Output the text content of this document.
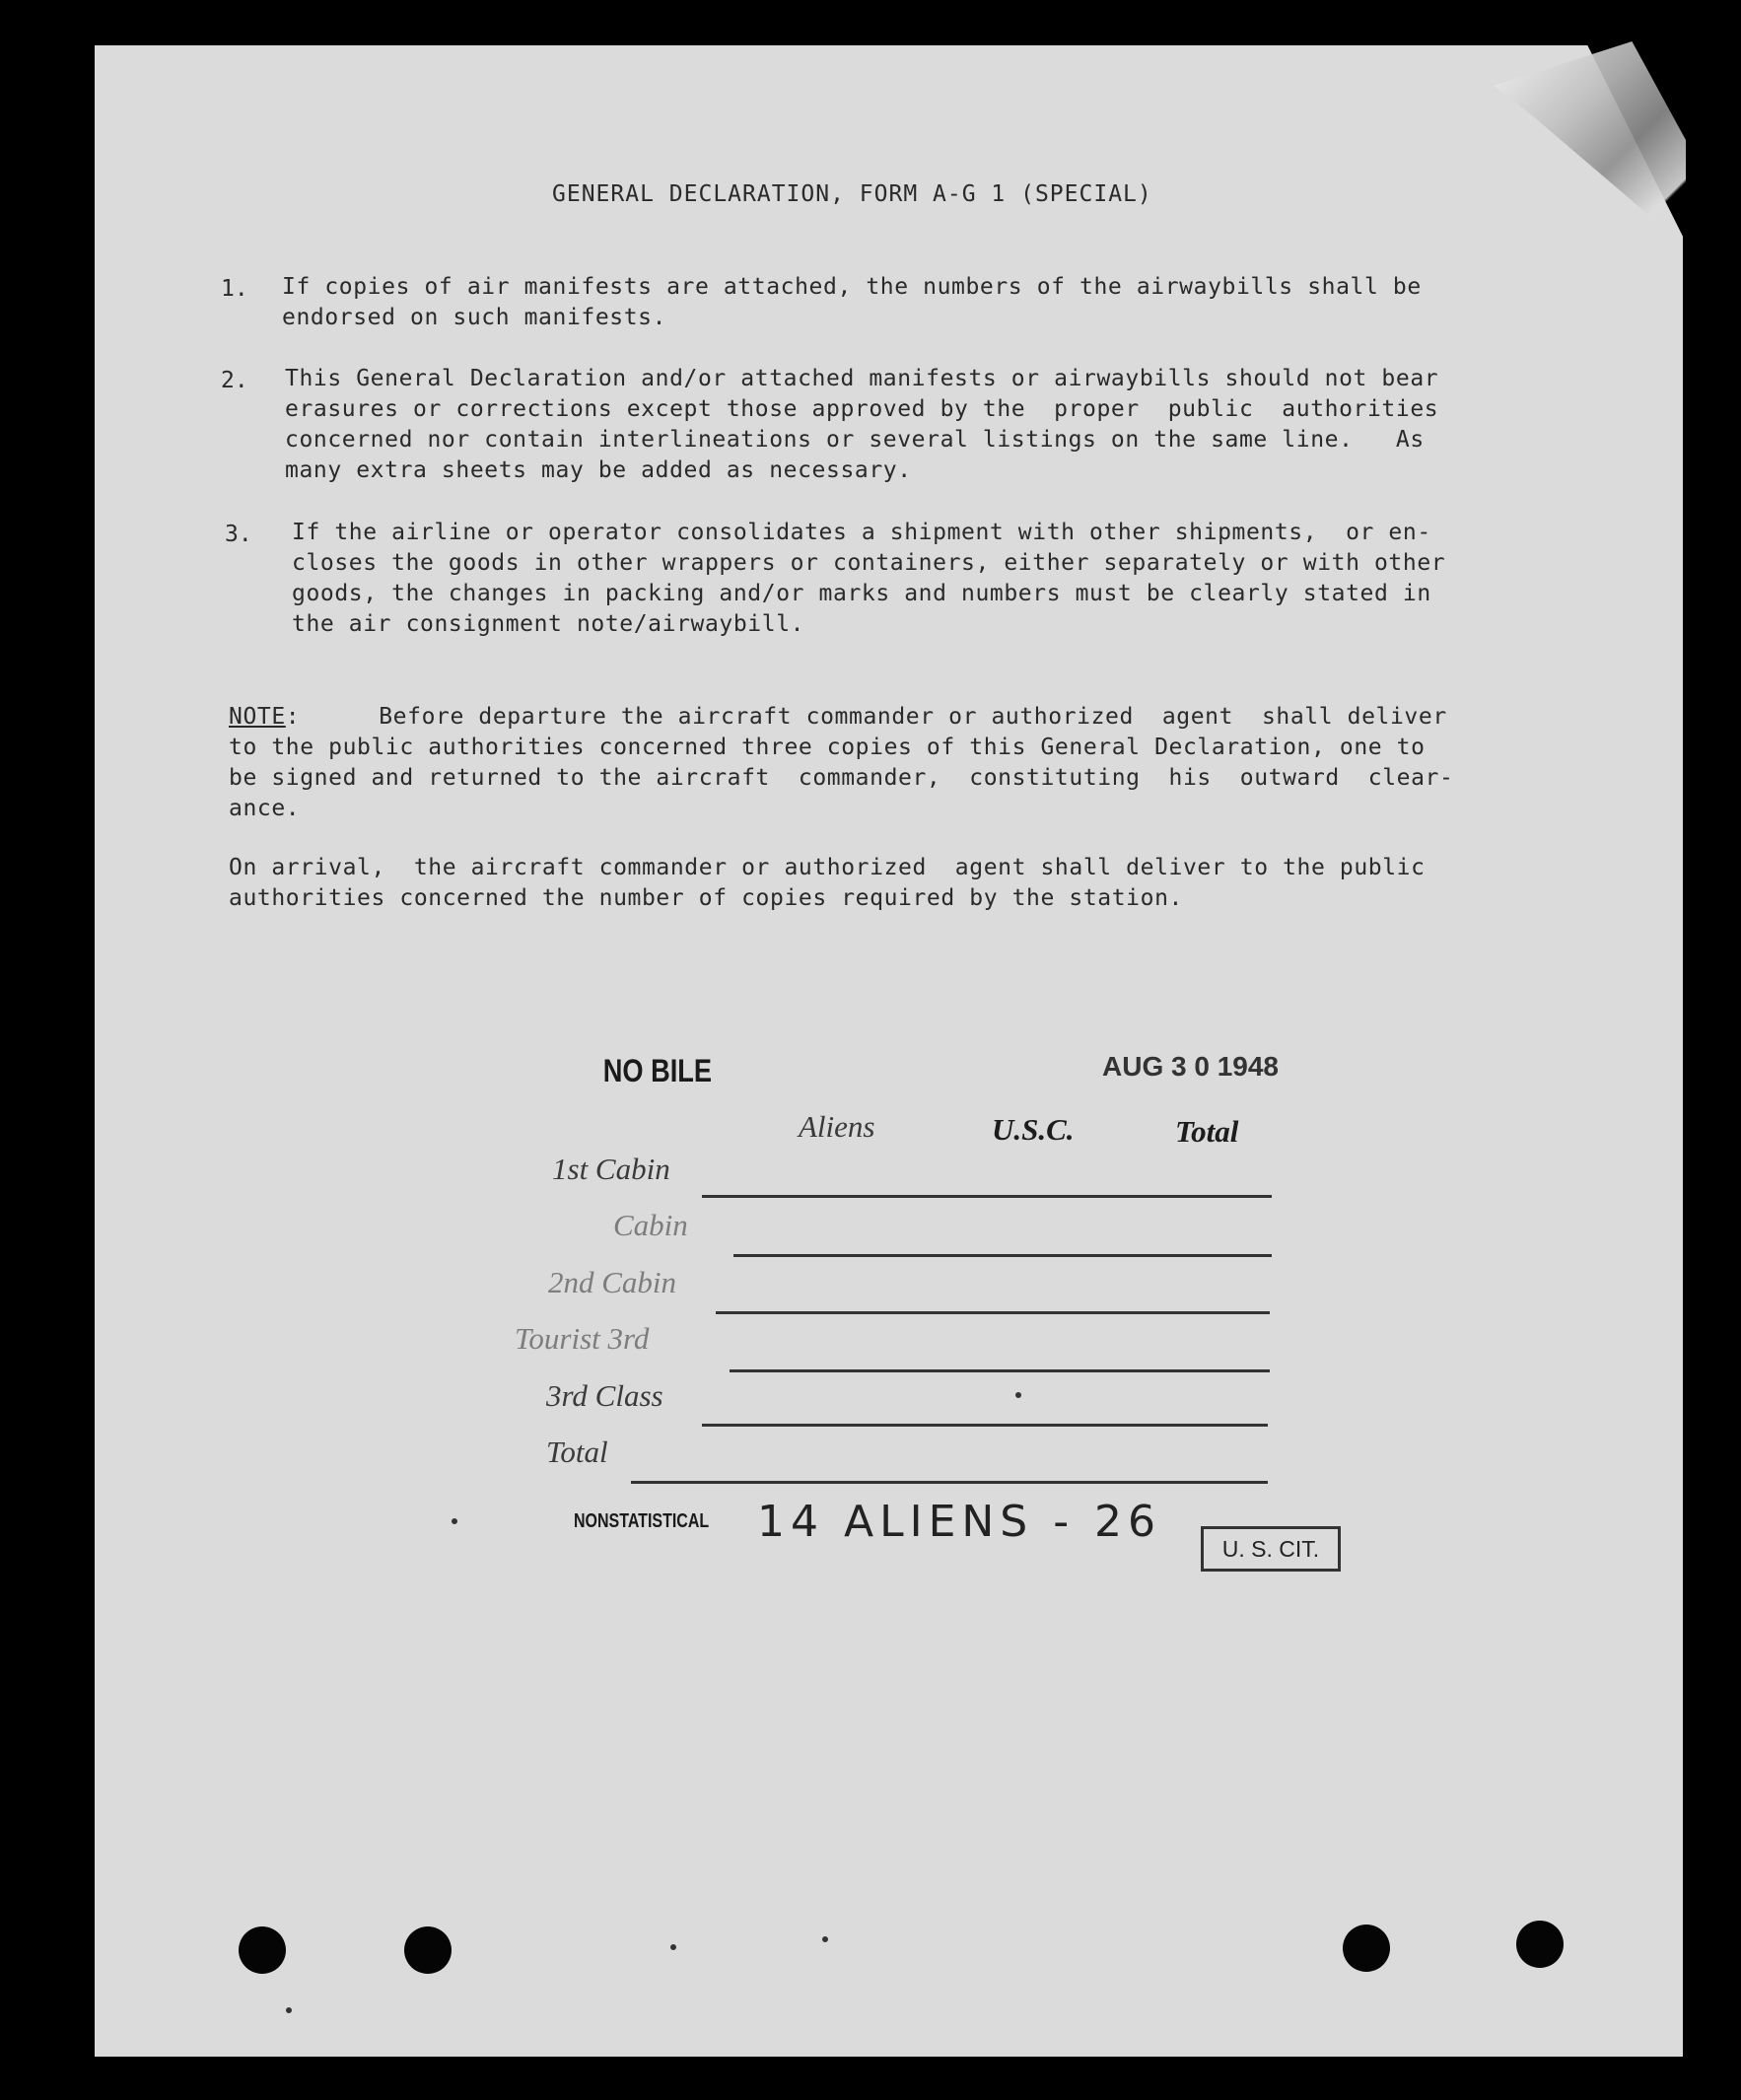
GENERAL DECLARATION, FORM A-G 1 (SPECIAL)
1. If copies of air manifests are attached, the numbers of the airwaybills shall be
endorsed on such manifests.
2. This General Declaration and/or attached manifests or airwaybills should not bear
erasures or corrections except those approved by the  proper  public  authorities
concerned nor contain interlineations or several listings on the same line.   As
many extra sheets may be added as necessary.
3. If the airline or operator consolidates a shipment with other shipments,  or en-
closes the goods in other wrappers or containers, either separately or with other
goods, the changes in packing and/or marks and numbers must be clearly stated in
the air consignment note/airwaybill.
NOTE:	Before departure the aircraft commander or authorized  agent  shall deliver
to the public authorities concerned three copies of this General Declaration, one to
be signed and returned to the aircraft  commander,  constituting  his  outward  clear-
ance.
On arrival,  the aircraft commander or authorized  agent shall deliver to the public
authorities concerned the number of copies required by the station.
NO BILE	AUG 3 0 1948
Aliens	U.S.C.	Total
1st Cabin
Cabin
2nd Cabin
Tourist 3rd
3rd Class
Total
NONSTATISTICAL 14 ALIENS - 26
U. S. CIT.
